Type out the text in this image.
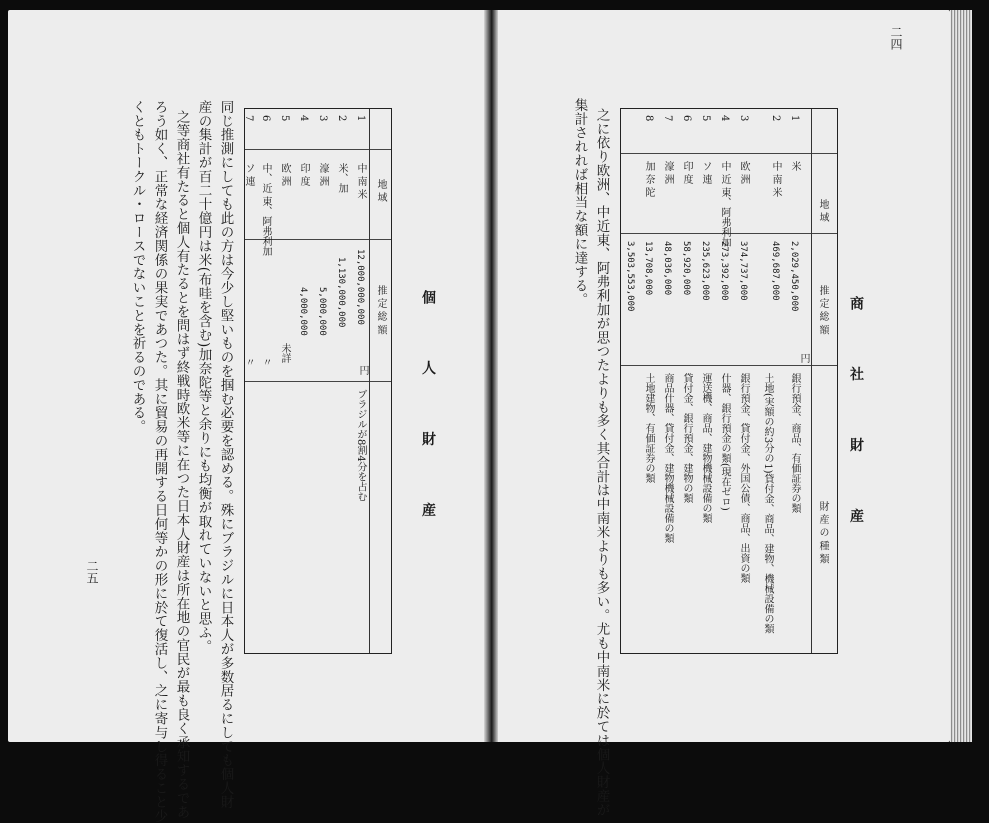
商 社 財 産
二四
地 域
推 定 総 額
財 産 の 種 類
円
1
米
2,029,450,000
銀行預金、商品、有価証券の類
2
中 南 米
469,687,000
土地(実額の約3分の1)貸付金、商品、建物、機械設備の類
3
欧 洲
374,737,000
銀行預金、貸付金、外国公債、商品、出資の類
4
中 近 東、阿弗利加
273,392,000
什器、銀行預金の類(現在ゼロ)
5
ソ 連
235,623,000
運送機、商品、建物機械設備の類
6
印 度
58,920,000
貸付金、銀行預金、建物の類
7
濠 洲
48,036,000
商品什器、貸付金、建物機械設備の類
8
加 奈 陀
13,708,000
土地建物、有価証券の類
3,503,553,000
之に依り欧洲、中近東、阿弗利加が思つたよりも多く其合計は中南米よりも多い。尤も中南米に於ては個人財産が
集計されれば相当な額に達する。
個 人 財 産
二五
地 域
推 定 総 額
円
1
中 南 米
12,000,000,000
ブラジルが8割4分を占む
2
米、加
1,130,000,000
3
濠 洲
5,000,000
4
印 度
4,000,000
5
欧 洲
未詳
6
中、近 東、阿弗利加
〃
7
ソ 連
〃
同じ推測にしても此の方は今少し堅いものを掴む必要を認める。殊にブラジルに日本人が多数居るにしても個人財
産の集計が百二十億円は米(布哇を含む)加奈陀等と余りにも均衡が取れていないと思ふ。
　之等商社有たると個人有たるとを問はず終戦時欧米等に在つた日本人財産は所在地の官民が最も良く承知するであ
ろう如く、正常な経済関係の果実であつた。其に貿易の再開する日何等かの形に於て復活し、之に寄与し得ること少
くともトークル・ロースでないことを祈るのである。
